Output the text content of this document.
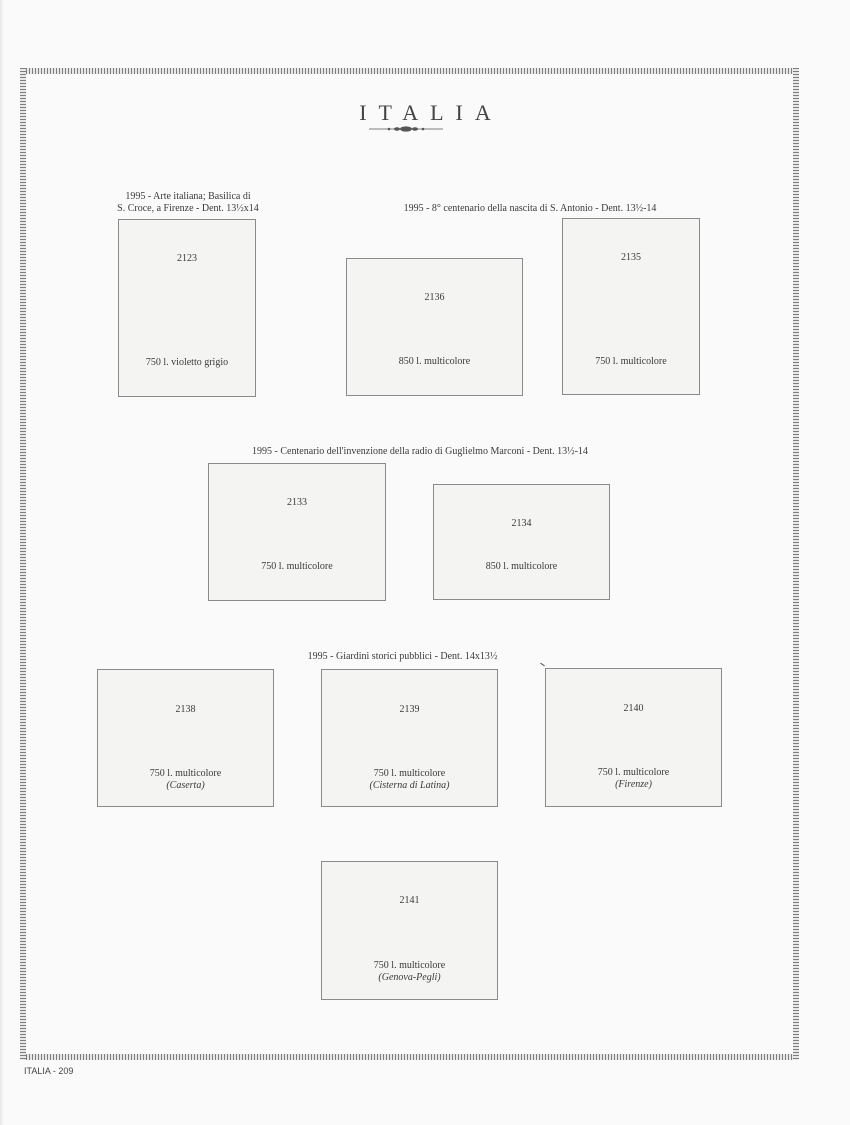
ITALIA
1995 - Arte italiana; Basilica di
S. Croce, a Firenze - Dent. 13½x14	1995 - 8° centenario della nascita di S. Antonio - Dent. 13½-14
2123
750 l. violetto grigio
2136
850 l. multicolore
2135
750 l. multicolore
1995 - Centenario dell'invenzione della radio di Guglielmo Marconi - Dent. 13½-14
2133
750 l. multicolore
2134
850 l. multicolore
1995 - Giardini storici pubblici - Dent. 14x13½
2138
750 l. multicolore
(Caserta)
2139
750 l. multicolore
(Cisterna di Latina)
2140
750 l. multicolore
(Firenze)
2141
750 l. multicolore
(Genova-Pegli)
ITALIA - 209
